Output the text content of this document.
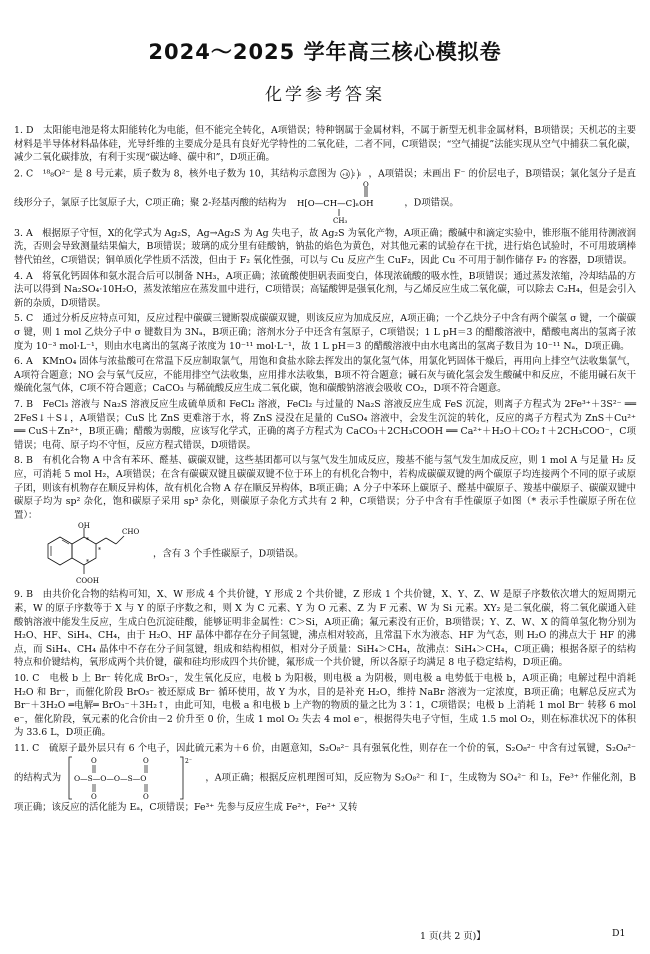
2024～2025 学年高三核心模拟卷
化学参考答案

1. D　太阳能电池是将太阳能转化为电能，但不能完全转化，A项错误；特种钢属于金属材料，不属于新型无机非金属材料，B项错误；天机芯的主要材料是半导体材料晶体硅，光导纤维的主要成分是具有良好光学特性的二氧化硅，二者不同，C项错误；“空气捕捉”法能实现从空气中捕获二氧化碳，减少二氧化碳排放，有利于实现“碳达峰、碳中和”，D项正确。

2. C　¹⁸₈O²⁻ 是 8 号元素，质子数为 8，核外电子数为 10，其结构示意图为 +8 2 8 ，A项错误；未画出 F⁻ 的价层电子，B项错误；氯化氢分子是直线形分子，氯原子比氢原子大，C项正确；聚 2-羟基丙酸的结构为 H[O—CH—C]ₙOH
O
CH₃
，D项错误。

3. A　根据原子守恒，X的化学式为 Ag₂S，Ag→Ag₂S 为 Ag 失电子，故 Ag₂S 为氧化产物，A项正确；酸碱中和滴定实验中，锥形瓶不能用待测液润洗，否则会导致测量结果偏大，B项错误；玻璃的成分里有硅酸钠，钠盐的焰色为黄色，对其他元素的试验存在干扰，进行焰色试验时，不可用玻璃棒替代铂丝，C项错误；铜单质化学性质不活泼，但由于 F₂ 氧化性强，可以与 Cu 反应产生 CuF₂，因此 Cu 不可用于制作储存 F₂ 的容器，D项错误。

4. A　将氧化钙固体和氨水混合后可以制备 NH₃，A项正确；浓硫酸使胆矾表面变白，体现浓硫酸的吸水性，B项错误；通过蒸发浓缩，冷却结晶的方法可以得到 Na₂SO₄·10H₂O，蒸发浓缩应在蒸发皿中进行，C项错误；高锰酸钾是强氧化剂，与乙烯反应生成二氧化碳，可以除去 C₂H₄，但是会引入新的杂质，D项错误。

5. C　通过分析反应特点可知，反应过程中碳碳三键断裂成碳碳双键，则该反应为加成反应，A项正确；一个乙炔分子中含有两个碳氢 σ 键，一个碳碳 σ 键，则 1 mol 乙炔分子中 σ 键数目为 3Nₐ，B项正确；溶剂水分子中还含有氢原子，C项错误；1 L pH＝3 的醋酸溶液中，醋酸电离出的氢离子浓度为 10⁻³ mol·L⁻¹，则由水电离出的氢离子浓度为 10⁻¹¹ mol·L⁻¹，故 1 L pH＝3 的醋酸溶液中由水电离出的氢离子数目为 10⁻¹¹ Nₐ，D项正确。

6. A　KMnO₄ 固体与浓盐酸可在常温下反应制取氯气，用饱和食盐水除去挥发出的氯化氢气体，用氯化钙固体干燥后，再用向上排空气法收集氯气，A项符合题意；NO 会与氧气反应，不能用排空气法收集，应用排水法收集，B项不符合题意；碱石灰与硫化氢会发生酸碱中和反应，不能用碱石灰干燥硫化氢气体，C项不符合题意；CaCO₃ 与稀硫酸反应生成二氧化碳，饱和碳酸钠溶液会吸收 CO₂，D项不符合题意。

7. B　FeCl₃ 溶液与 Na₂S 溶液反应生成硫单质和 FeCl₂ 溶液，FeCl₂ 与过量的 Na₂S 溶液反应生成 FeS 沉淀，则离子方程式为 2Fe³⁺＋3S²⁻ ══ 2FeS↓＋S↓，A项错误；CuS 比 ZnS 更难溶于水，将 ZnS 浸没在足量的 CuSO₄ 溶液中，会发生沉淀的转化，反应的离子方程式为 ZnS＋Cu²⁺ ══ CuS＋Zn²⁺，B项正确；醋酸为弱酸，应该写化学式，正确的离子方程式为 CaCO₃＋2CH₃COOH ══ Ca²⁺＋H₂O＋CO₂↑＋2CH₃COO⁻，C项错误；电荷、原子均不守恒，反应方程式错误，D项错误。

8. B　有机化合物 A 中含有苯环、醛基、碳碳双键，这些基团都可以与氢气发生加成反应，羧基不能与氢气发生加成反应，则 1 mol A 与足量 H₂ 反应，可消耗 5 mol H₂，A项错误；在含有碳碳双键且碳碳双键不位于环上的有机化合物中，若构成碳碳双键的两个碳原子均连接两个不同的原子或原子团，则该有机物存在顺反异构体，故有机化合物 A 存在顺反异构体，B项正确；A 分子中苯环上碳原子、醛基中碳原子、羧基中碳原子、碳碳双键中碳原子均为 sp² 杂化，饱和碳原子采用 sp³ 杂化，则碳原子杂化方式共有 2 种，C项错误；分子中含有手性碳原子如图（* 表示手性碳原子所在位置）：

OH
CHO
COOH
*
*
*
，含有 3 个手性碳原子，D项错误。

9. B　由共价化合物的结构可知，X、W 形成 4 个共价键，Y 形成 2 个共价键，Z 形成 1 个共价键，X、Y、Z、W 是原子序数依次增大的短周期元素，W 的原子序数等于 X 与 Y 的原子序数之和，则 X 为 C 元素、Y 为 O 元素、Z 为 F 元素、W 为 Si 元素。XY₂ 是二氧化碳，将二氧化碳通入硅酸钠溶液中能发生反应，生成白色沉淀硅酸，能够证明非金属性：C＞Si，A项正确；氟元素没有正价，B项错误；Y、Z、W、X 的简单氢化物分别为 H₂O、HF、SiH₄、CH₄，由于 H₂O、HF 晶体中都存在分子间氢键，沸点相对较高，且常温下水为液态、HF 为气态，则 H₂O 的沸点大于 HF 的沸点，而 SiH₄、CH₄ 晶体中不存在分子间氢键，组成和结构相似，相对分子质量：SiH₄＞CH₄，故沸点：SiH₄＞CH₄，C项正确；根据各原子的结构特点和价键结构，氧形成两个共价键，碳和硅均形成四个共价键，氟形成一个共价键，所以各原子均满足 8 电子稳定结构，D项正确。

10. C　电极 b 上 Br⁻ 转化成 BrO₃⁻，发生氧化反应，电极 b 为阳极，则电极 a 为阴极，则电极 a 电势低于电极 b，A项正确；电解过程中消耗 H₂O 和 Br⁻，而催化阶段 BrO₃⁻ 被还原成 Br⁻ 循环使用，故 Y 为水，目的是补充 H₂O，维持 NaBr 溶液为一定浓度，B项正确；电解总反应式为 Br⁻＋3H₂O ═电解═ BrO₃⁻＋3H₂↑，由此可知，电极 a 和电极 b 上产物的物质的量之比为 3∶1，C项错误；电极 b 上消耗 1 mol Br⁻ 转移 6 mol e⁻，催化阶段，氧元素的化合价由－2 价升至 0 价，生成 1 mol O₂ 失去 4 mol e⁻，根据得失电子守恒，生成 1.5 mol O₂，则在标准状况下的体积为 33.6 L，D项正确。

11. C　硫原子最外层只有 6 个电子，因此硫元素为＋6 价，由题意知，S₂O₈²⁻ 具有强氧化性，则存在一个价的氧，S₂O₈²⁻ 中含有过氧键，S₂O₈²⁻ 的结构式为
2⁻
O—S—O—O—S—O
O
O
O
O
，A项正确；根据反应机理图可知，反应物为 S₂O₈²⁻ 和 I⁻，生成物为 SO₄²⁻ 和 I₂，Fe³⁺ 作催化剂，B项正确；该反应的活化能为 Eₐ，C项错误；Fe³⁺ 先参与反应生成 Fe²⁺，Fe²⁺ 又转

1 页(共 2 页)】	D1
